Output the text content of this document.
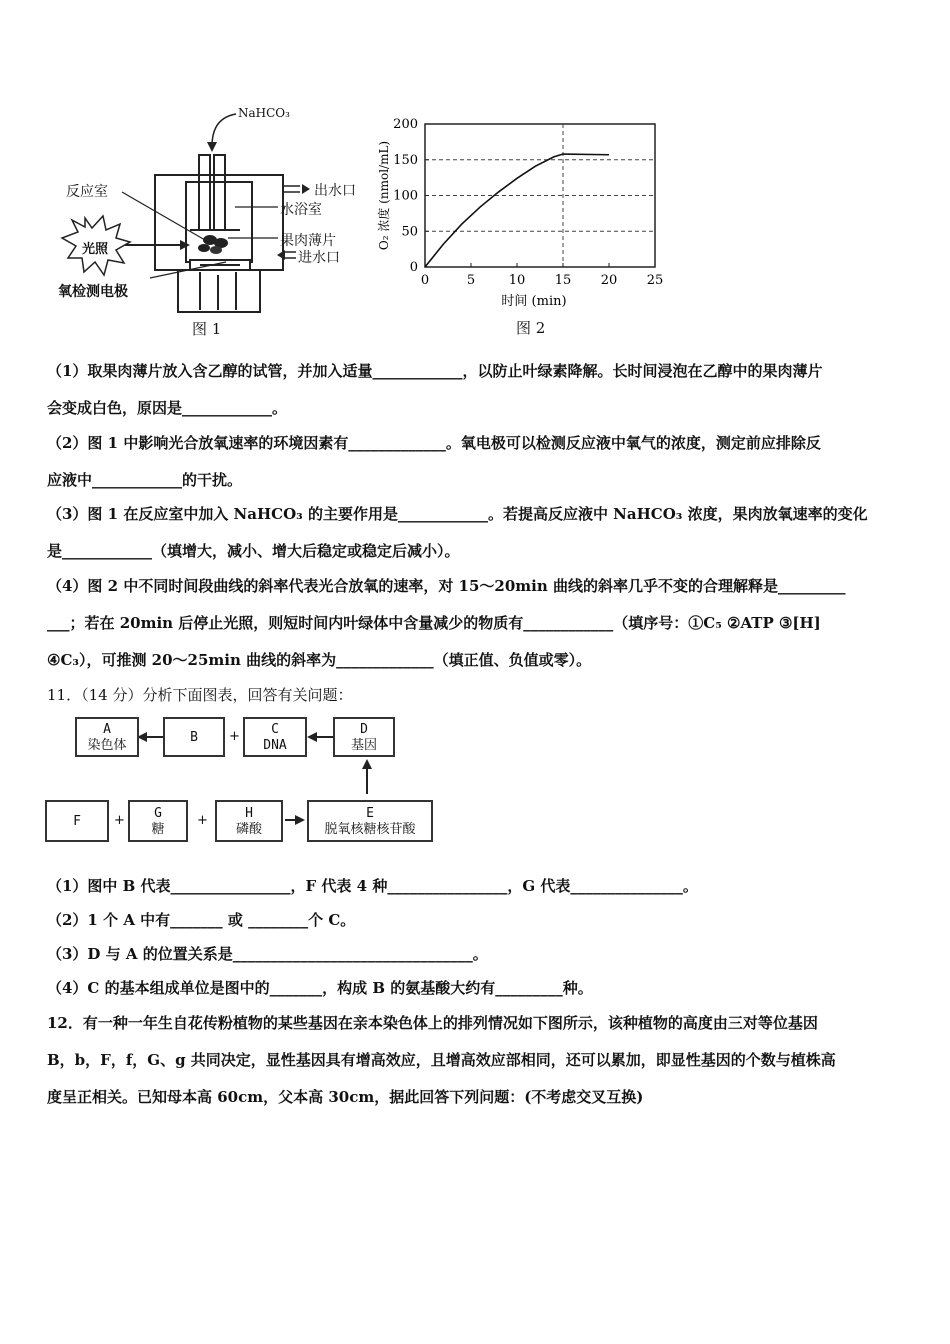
NaHCO₃
反应室
光照
氧检测电极
出水口
水浴室
果肉薄片
进水口
图 1
0	5	10 15 20 25
0
50
100
150
200
时间 (min)
O₂ 浓度 (nmol/mL)
图 2
（1）取果肉薄片放入含乙醇的试管，并加入适量____________，以防止叶绿素降解。长时间浸泡在乙醇中的果肉薄片
会变成白色，原因是____________。
（2）图 1 中影响光合放氧速率的环境因素有_____________。氧电极可以检测反应液中氧气的浓度，测定前应排除反
应液中____________的干扰。
（3）图 1 在反应室中加入 NaHCO₃ 的主要作用是____________。若提高反应液中 NaHCO₃ 浓度，果肉放氧速率的变化
是____________（填增大，减小、增大后稳定或稳定后减小）。
（4）图 2 中不同时间段曲线的斜率代表光合放氧的速率，对 15～20min 曲线的斜率几乎不变的合理解释是_________
___；若在 20min 后停止光照，则短时间内叶绿体中含量减少的物质有____________（填序号：①C₅ ②ATP ③[H]
④C₃），可推测 20～25min 曲线的斜率为_____________（填正值、负值或零）。
11．（14 分）分析下面图表，回答有关问题：
A
染色体
B	+	C
DNA
D
基因
F	+	G
糖
+	H
磷酸
E
脱氧核糖核苷酸
（1）图中 B 代表________________，F 代表 4 种________________，G 代表_______________。
（2）1 个 A 中有_______ 或 ________个 C。
（3）D 与 A 的位置关系是________________________________。
（4）C 的基本组成单位是图中的_______，构成 B 的氨基酸大约有_________种。
12．有一种一年生自花传粉植物的某些基因在亲本染色体上的排列情况如下图所示，该种植物的高度由三对等位基因
B，b，F，f，G、g 共同决定，显性基因具有增高效应，且增高效应部相同，还可以累加，即显性基因的个数与植株高
度呈正相关。已知母本高 60cm，父本高 30cm，据此回答下列问题：(不考虑交叉互换)
